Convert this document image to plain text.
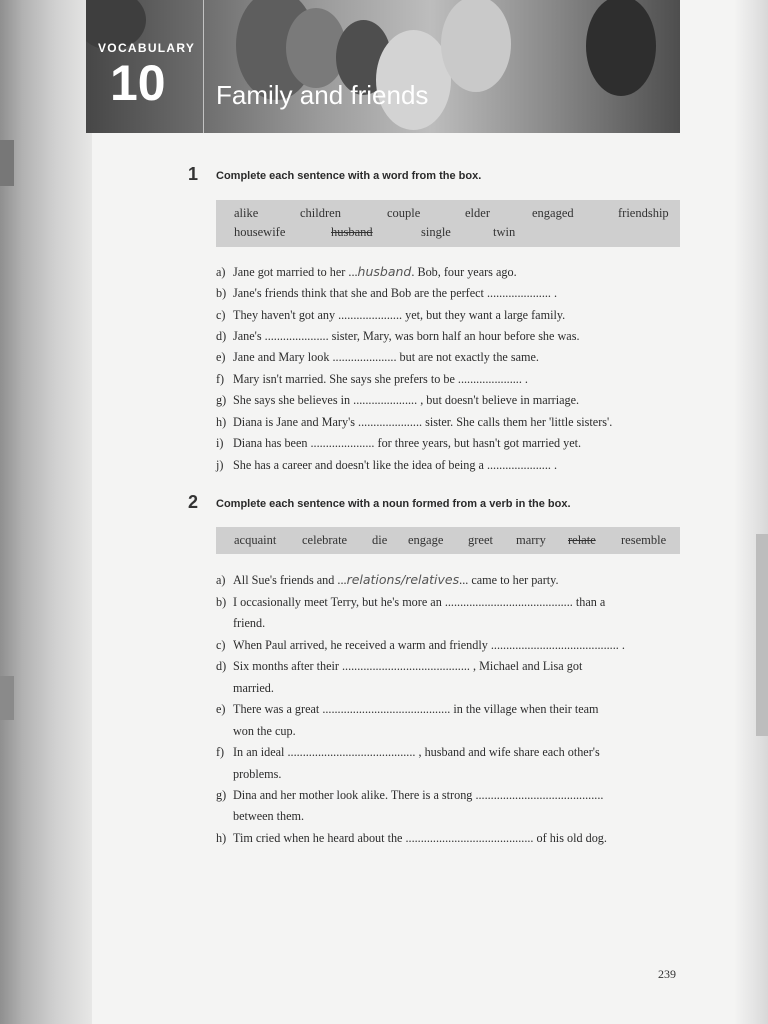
VOCABULARY
10 Family and friends
1 Complete each sentence with a word from the box.
alike	children	couple	elder	engaged	friendship
housewife	husband	single	twin
a) Jane got married to her ...husband. Bob, four years ago.
b) Jane's friends think that she and Bob are the perfect ..................... .
c) They haven't got any ..................... yet, but they want a large family.
d) Jane's ..................... sister, Mary, was born half an hour before she was.
e) Jane and Mary look ..................... but are not exactly the same.
f) Mary isn't married. She says she prefers to be ..................... .
g) She says she believes in ..................... , but doesn't believe in marriage.
h) Diana is Jane and Mary's ..................... sister. She calls them her 'little sisters'.
i) Diana has been ..................... for three years, but hasn't got married yet.
j) She has a career and doesn't like the idea of being a ..................... .
2 Complete each sentence with a noun formed from a verb in the box.
acquaint celebrate die engage greet marry relate resemble
a) All Sue's friends and ...relations/relatives... came to her party.
b) I occasionally meet Terry, but he's more an .......................................... than a
friend.
c) When Paul arrived, he received a warm and friendly .......................................... .
d) Six months after their .......................................... , Michael and Lisa got
married.
e) There was a great .......................................... in the village when their team
won the cup.
f) In an ideal .......................................... , husband and wife share each other's
problems.
g) Dina and her mother look alike. There is a strong ..........................................
between them.
h) Tim cried when he heard about the .......................................... of his old dog.
239
